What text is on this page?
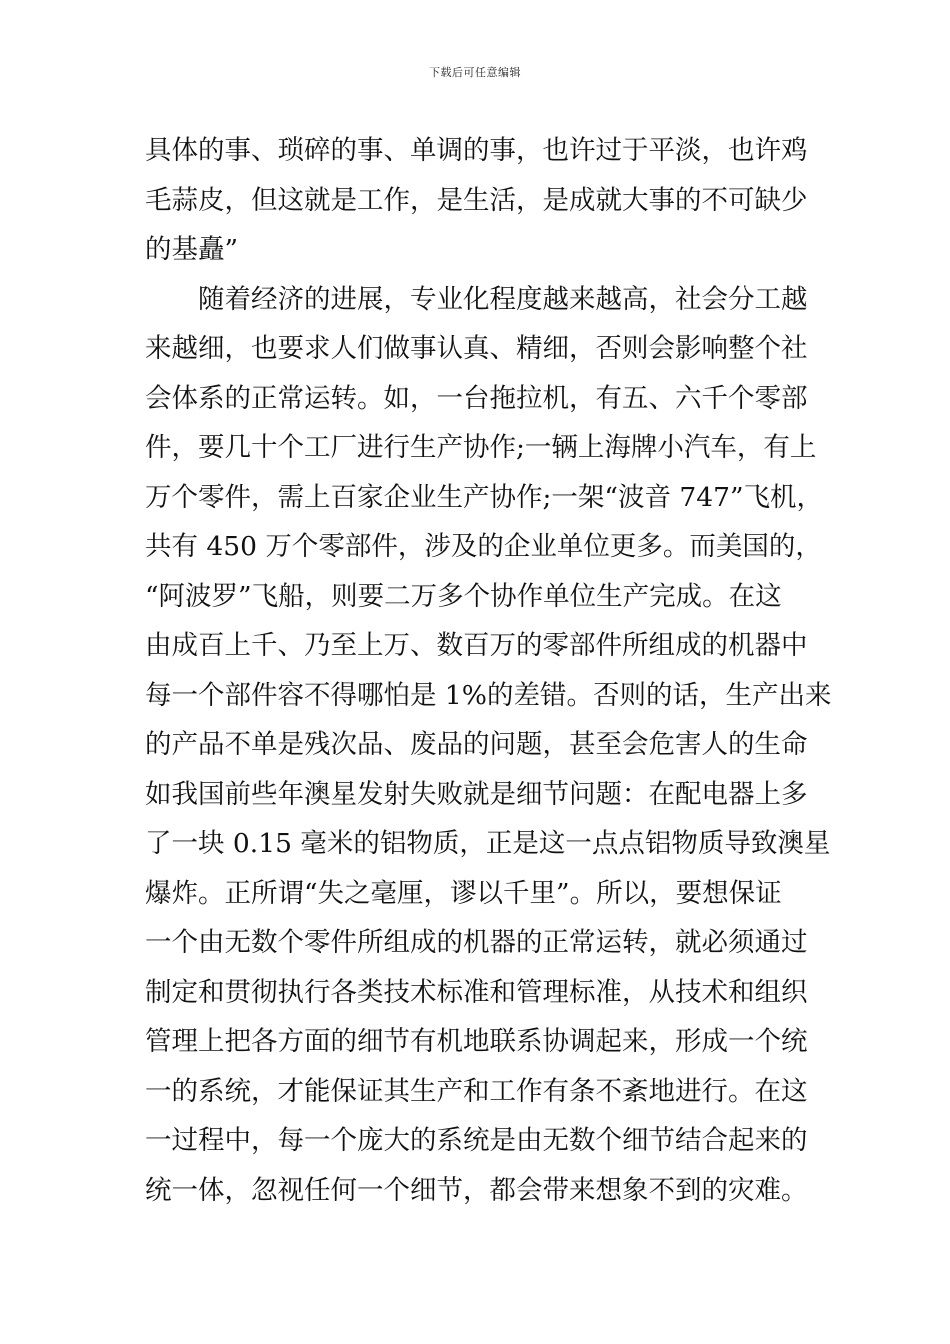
下载后可任意编辑
具体的事、琐碎的事、单调的事，也许过于平淡，也许鸡
毛蒜皮，但这就是工作，是生活，是成就大事的不可缺少
的基矗”
随着经济的进展，专业化程度越来越高，社会分工越
来越细，也要求人们做事认真、精细，否则会影响整个社
会体系的正常运转。如，一台拖拉机，有五、六千个零部
件，要几十个工厂进行生产协作;一辆上海牌小汽车，有上
万个零件，需上百家企业生产协作;一架“波音 747”飞机，
共有 450 万个零部件，涉及的企业单位更多。而美国的，
“阿波罗”飞船，则要二万多个协作单位生产完成。在这
由成百上千、乃至上万、数百万的零部件所组成的机器中
每一个部件容不得哪怕是 1%的差错。否则的话，生产出来
的产品不单是残次品、废品的问题，甚至会危害人的生命
如我国前些年澳星发射失败就是细节问题：在配电器上多
了一块 0.15 毫米的铝物质，正是这一点点铝物质导致澳星
爆炸。正所谓“失之毫厘，谬以千里”。所以，要想保证
一个由无数个零件所组成的机器的正常运转，就必须通过
制定和贯彻执行各类技术标准和管理标准，从技术和组织
管理上把各方面的细节有机地联系协调起来，形成一个统
一的系统，才能保证其生产和工作有条不紊地进行。在这
一过程中，每一个庞大的系统是由无数个细节结合起来的
统一体，忽视任何一个细节，都会带来想象不到的灾难。
